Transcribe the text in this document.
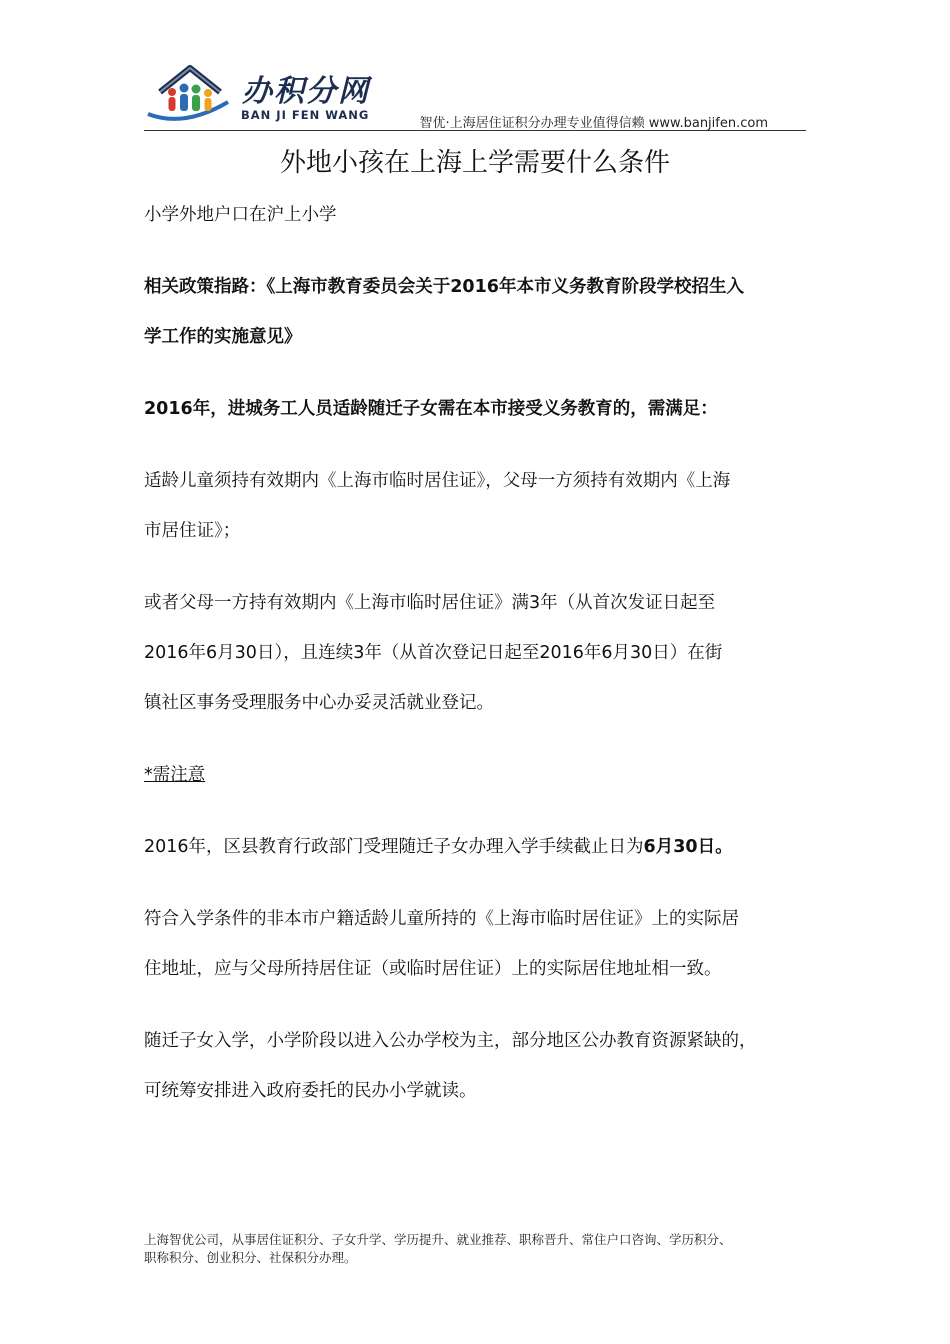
办积分网
BAN JI FEN WANG
智优·上海居住证积分办理专业值得信赖 www.banjifen.com
外地小孩在上海上学需要什么条件

小学外地户口在沪上小学

相关政策指路：《上海市教育委员会关于2016年本市义务教育阶段学校招生入

学工作的实施意见》

2016年，进城务工人员适龄随迁子女需在本市接受义务教育的，需满足：

适龄儿童须持有效期内《上海市临时居住证》，父母一方须持有效期内《上海

市居住证》；

或者父母一方持有效期内《上海市临时居住证》满3年（从首次发证日起至

2016年6月30日），且连续3年（从首次登记日起至2016年6月30日）在街

镇社区事务受理服务中心办妥灵活就业登记。

*需注意

2016年，区县教育行政部门受理随迁子女办理入学手续截止日为6月30日。

符合入学条件的非本市户籍适龄儿童所持的《上海市临时居住证》上的实际居

住地址，应与父母所持居住证（或临时居住证）上的实际居住地址相一致。

随迁子女入学，小学阶段以进入公办学校为主，部分地区公办教育资源紧缺的，

可统筹安排进入政府委托的民办小学就读。

上海智优公司，从事居住证积分、子女升学、学历提升、就业推荐、职称晋升、常住户口咨询、学历积分、
职称积分、创业积分、社保积分办理。
